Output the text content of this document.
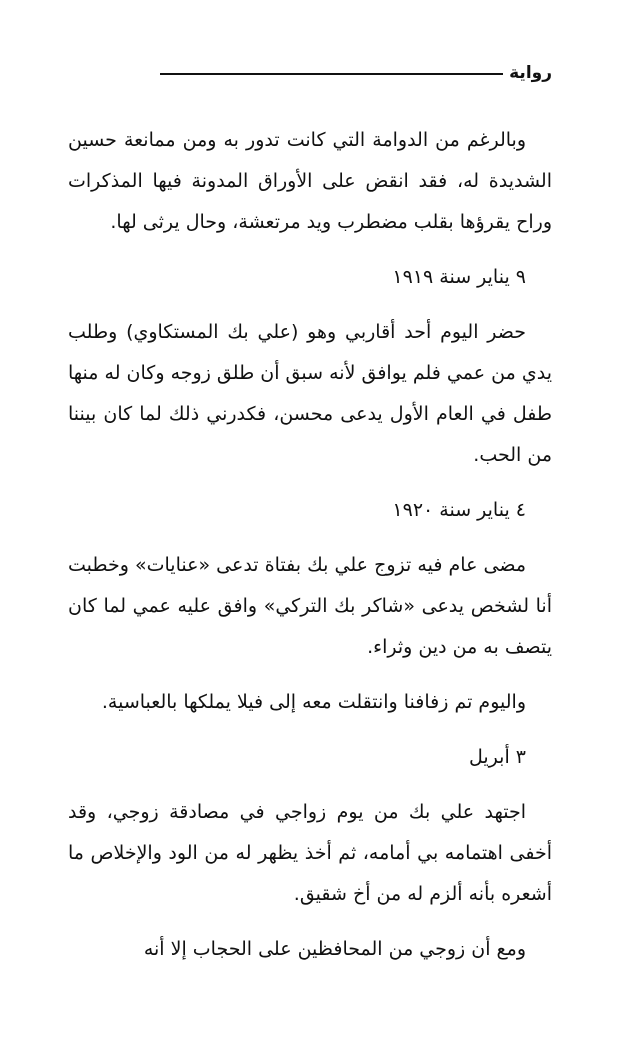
رواية

وبالرغم من الدوامة التي كانت تدور به ومن ممانعة حسين الشديدة له، فقد انقض على الأوراق المدونة فيها المذكرات وراح يقرؤها بقلب مضطرب ويد مرتعشة، وحال يرثى لها.

٩ يناير سنة ١٩١٩

حضر اليوم أحد أقاربي وهو (علي بك المستكاوي) وطلب يدي من عمي فلم يوافق لأنه سبق أن طلق زوجه وكان له منها طفل في العام الأول يدعى محسن، فكدرني ذلك لما كان بيننا من الحب.

٤ يناير سنة ١٩٢٠

مضى عام فيه تزوج علي بك بفتاة تدعى «عنايات» وخطبت أنا لشخص يدعى «شاكر بك التركي» وافق عليه عمي لما كان يتصف به من دين وثراء.

واليوم تم زفافنا وانتقلت معه إلى فيلا يملكها بالعباسية.

٣ أبريل

اجتهد علي بك من يوم زواجي في مصادقة زوجي، وقد أخفى اهتمامه بي أمامه، ثم أخذ يظهر له من الود والإخلاص ما أشعره بأنه ألزم له من أخ شقيق.

ومع أن زوجي من المحافظين على الحجاب إلا أنه
